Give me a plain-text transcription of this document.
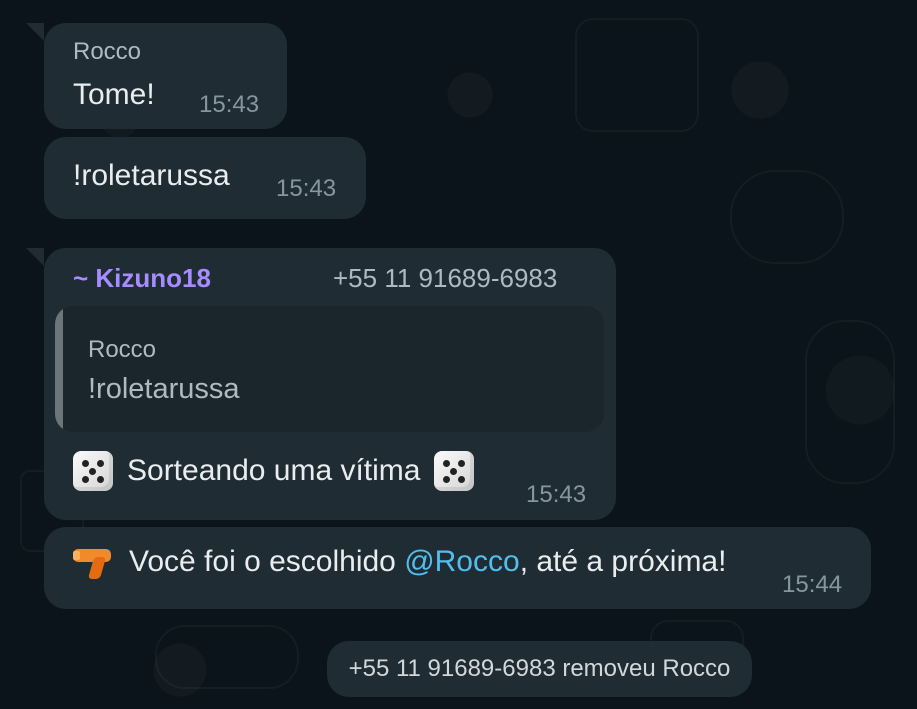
Rocco
Tome! 15:43
!roletarussa 15:43
~ Kizuno18	+55 11 91689-6983
Rocco
!roletarussa
Sorteando uma vítima
15:43
Você foi o escolhido @Rocco, até a próxima!
15:44
+55 11 91689-6983 removeu Rocco
